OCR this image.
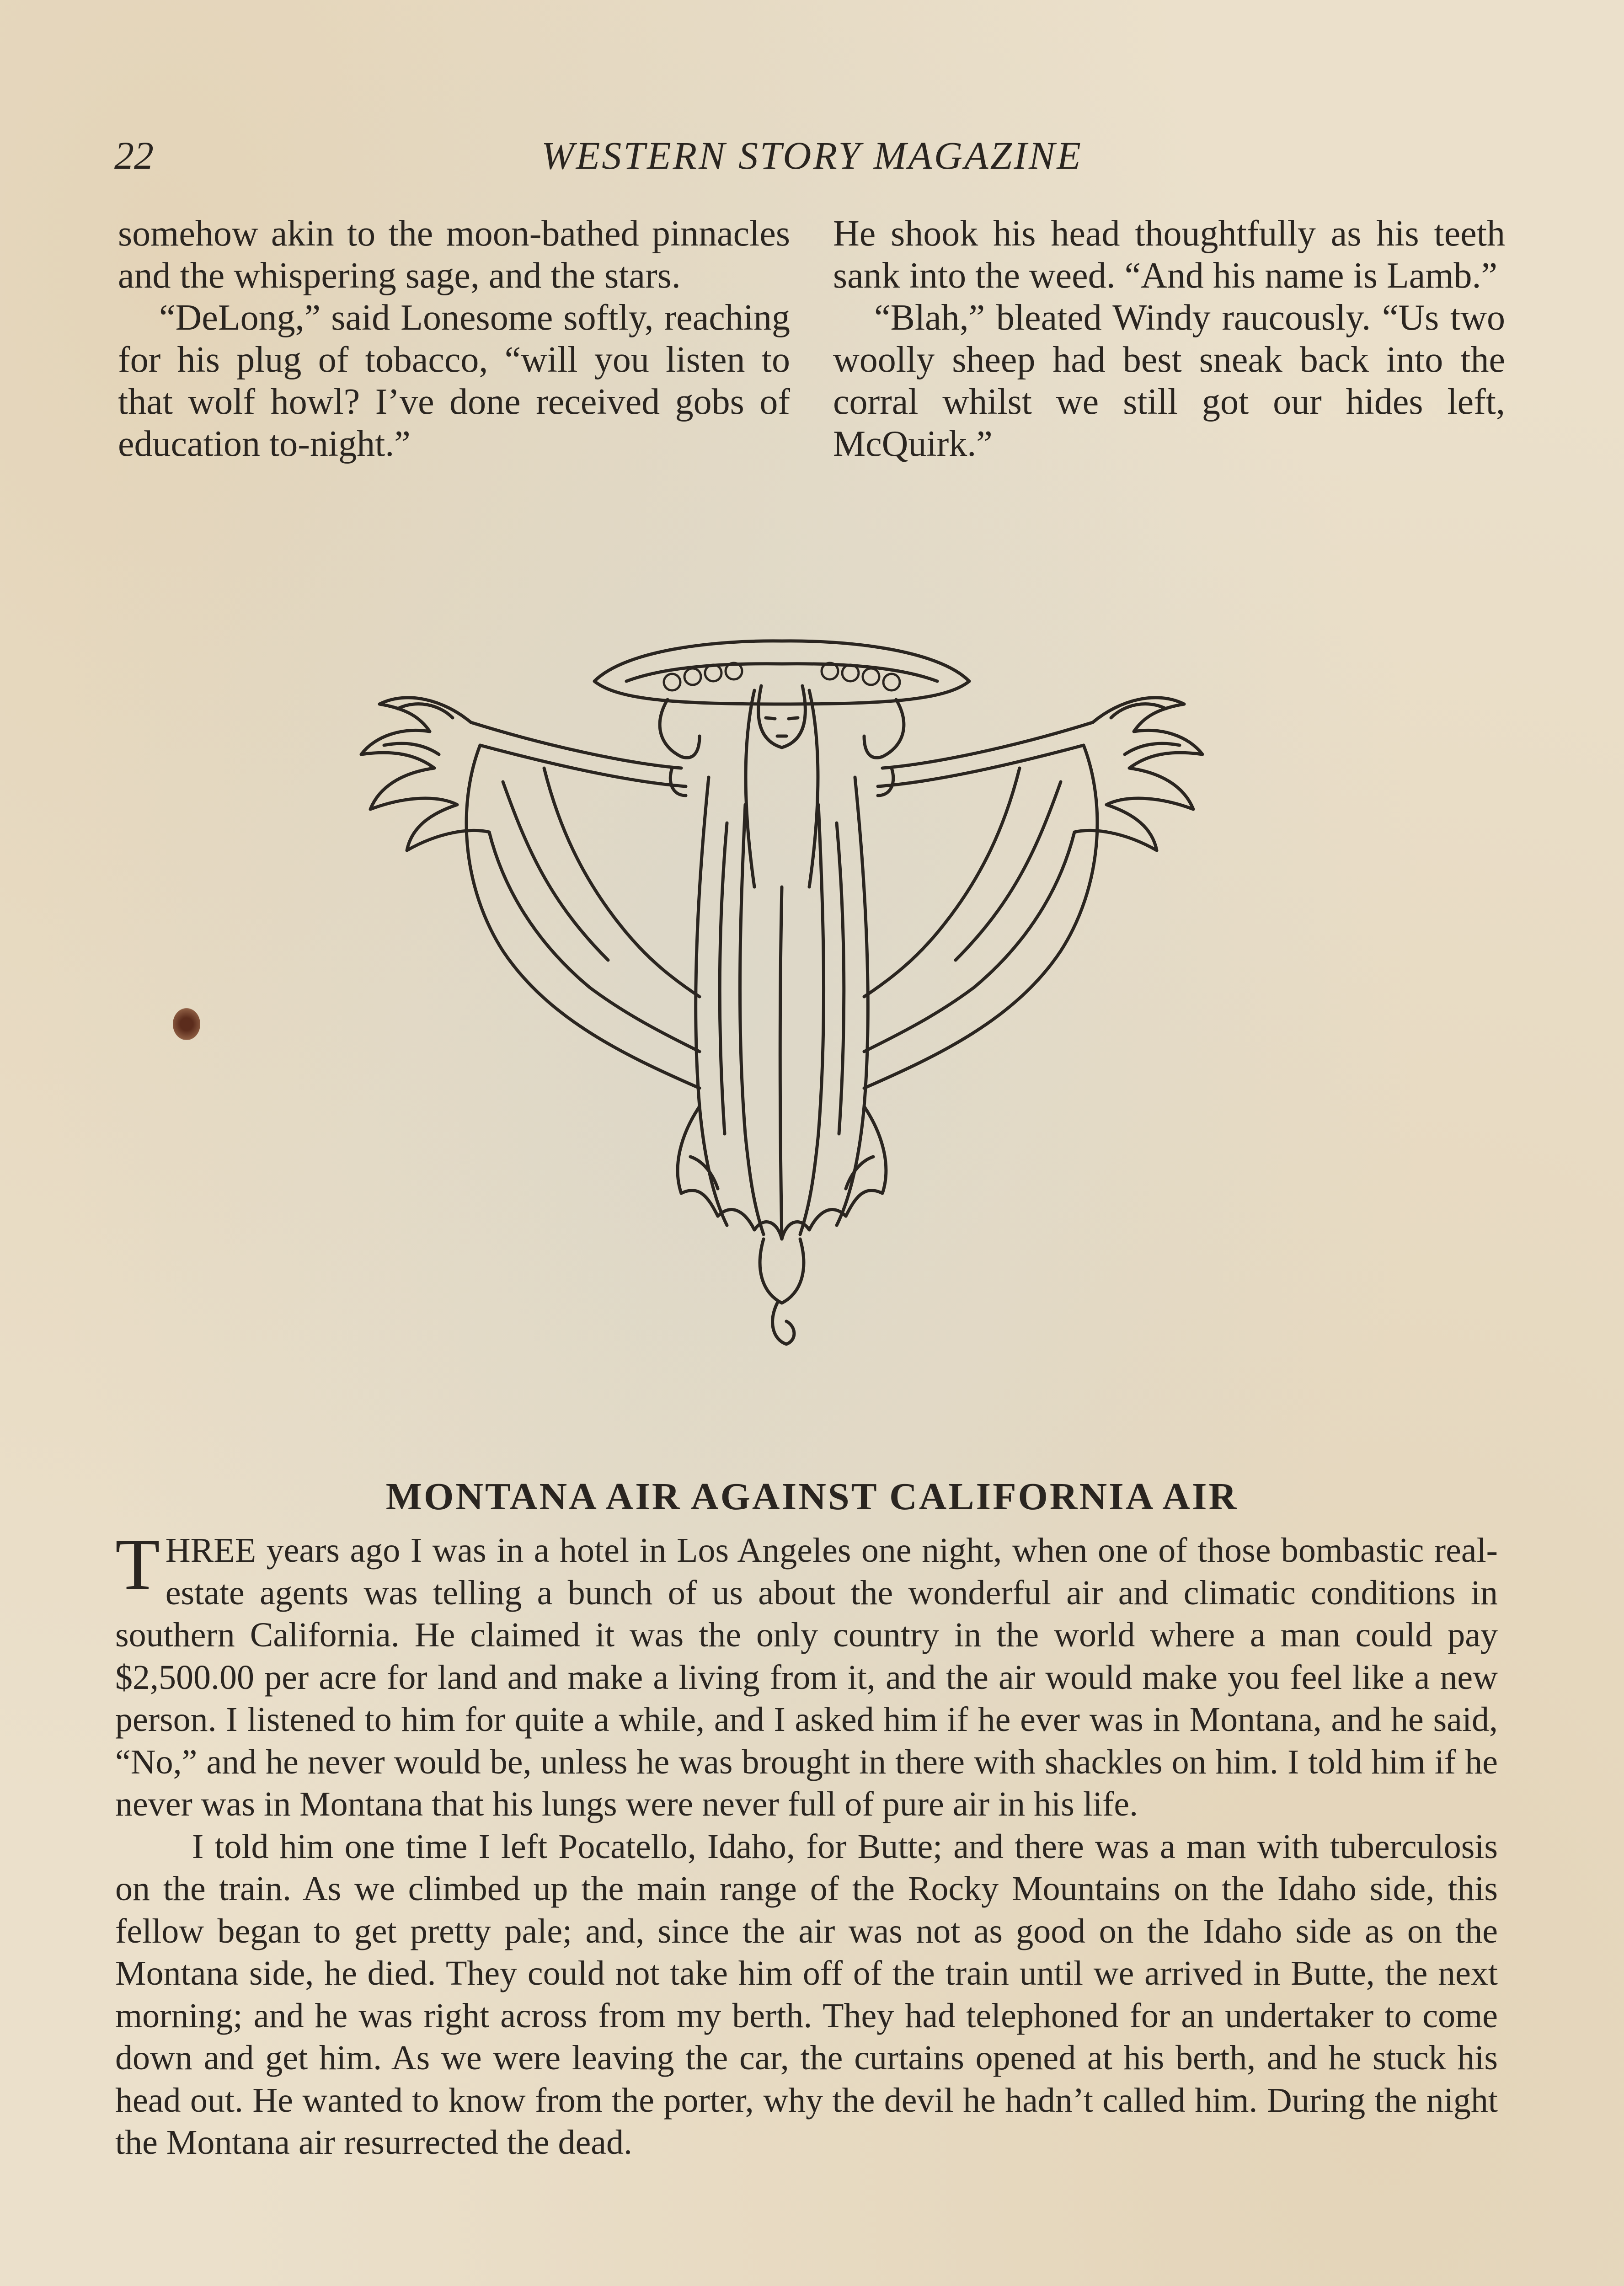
22	WESTERN STORY MAGAZINE

somehow akin to the moon-bathed pinnacles and the whispering sage, and the stars.

“DeLong,” said Lonesome softly, reaching for his plug of tobacco, “will you listen to that wolf howl? I’ve done received gobs of education to-night.”

He shook his head thoughtfully as his teeth sank into the weed. “And his name is Lamb.”

“Blah,” bleated Windy raucously. “Us two woolly sheep had best sneak back into the corral whilst we still got our hides left, McQuirk.”

MONTANA AIR AGAINST CALIFORNIA AIR

THREE years ago I was in a hotel in Los Angeles one night, when one of those bombastic real-estate agents was telling a bunch of us about the wonderful air and climatic conditions in southern California. He claimed it was the only country in the world where a man could pay $2,500.00 per acre for land and make a living from it, and the air would make you feel like a new person. I listened to him for quite a while, and I asked him if he ever was in Montana, and he said, “No,” and he never would be, unless he was brought in there with shackles on him. I told him if he never was in Montana that his lungs were never full of pure air in his life.

I told him one time I left Pocatello, Idaho, for Butte; and there was a man with tuberculosis on the train. As we climbed up the main range of the Rocky Mountains on the Idaho side, this fellow began to get pretty pale; and, since the air was not as good on the Idaho side as on the Montana side, he died. They could not take him off of the train until we arrived in Butte, the next morning; and he was right across from my berth. They had telephoned for an undertaker to come down and get him. As we were leaving the car, the curtains opened at his berth, and he stuck his head out. He wanted to know from the porter, why the devil he hadn’t called him. During the night the Montana air resurrected the dead.
